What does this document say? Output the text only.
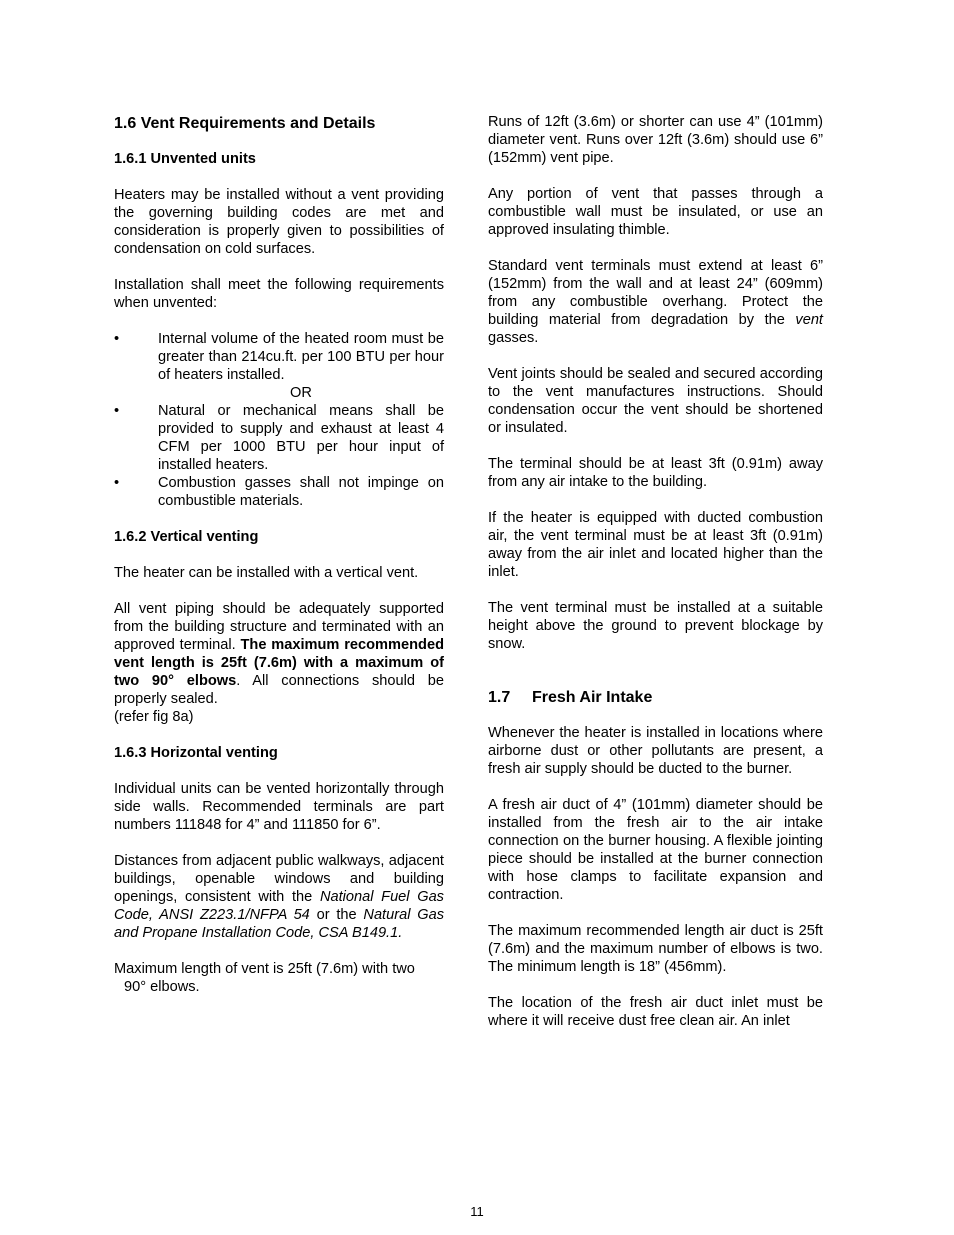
1.6 Vent Requirements and Details
1.6.1 Unvented units

Heaters may be installed without a vent providing the governing building codes are met and consideration is properly given to possibilities of condensation on cold surfaces.

Installation shall meet the following requirements when unvented:

•	Internal volume of the heated room must be greater than 214cu.ft. per 100 BTU per hour of heaters installed.
OR
•	Natural or mechanical means shall be provided to supply and exhaust at least 4 CFM per 1000 BTU per hour input of installed heaters.
•	Combustion gasses shall not impinge on combustible materials.
1.6.2 Vertical venting

The heater can be installed with a vertical vent.

All vent piping should be adequately supported from the building structure and terminated with an approved terminal. The maximum recommended vent length is 25ft (7.6m) with a maximum of two 90° elbows. All connections should be properly sealed.

(refer fig 8a)

1.6.3 Horizontal venting

Individual units can be vented horizontally through side walls. Recommended terminals are part numbers 111848 for 4” and 111850 for 6”.

Distances from adjacent public walkways, adjacent buildings, openable windows and building openings, consistent with the National Fuel Gas Code, ANSI Z223.1/NFPA 54 or the Natural Gas and Propane Installation Code, CSA B149.1.

Maximum length of vent is 25ft (7.6m) with two

90° elbows.

Runs of 12ft (3.6m) or shorter can use 4” (101mm) diameter vent. Runs over 12ft (3.6m) should use 6” (152mm) vent pipe.

Any portion of vent that passes through a combustible wall must be insulated, or use an approved insulating thimble.

Standard vent terminals must extend at least 6” (152mm) from the wall and at least 24” (609mm) from any combustible overhang. Protect the building material from degradation by the vent gasses.

Vent joints should be sealed and secured according to the vent manufactures instructions. Should condensation occur the vent should be shortened or insulated.

The terminal should be at least 3ft (0.91m) away from any air intake to the building.

If the heater is equipped with ducted combustion air, the vent terminal must be at least 3ft (0.91m) away from the air inlet and located higher than the inlet.

The vent terminal must be installed at a suitable height above the ground to prevent blockage by snow.

1.7 Fresh Air Intake

Whenever the heater is installed in locations where airborne dust or other pollutants are present, a fresh air supply should be ducted to the burner.

A fresh air duct of 4” (101mm) diameter should be installed from the fresh air to the air intake connection on the burner housing. A flexible jointing piece should be installed at the burner connection with hose clamps to facilitate expansion and contraction.

The maximum recommended length air duct is 25ft (7.6m) and the maximum number of elbows is two. The minimum length is 18” (456mm).

The location of the fresh air duct inlet must be where it will receive dust free clean air. An inlet

11
